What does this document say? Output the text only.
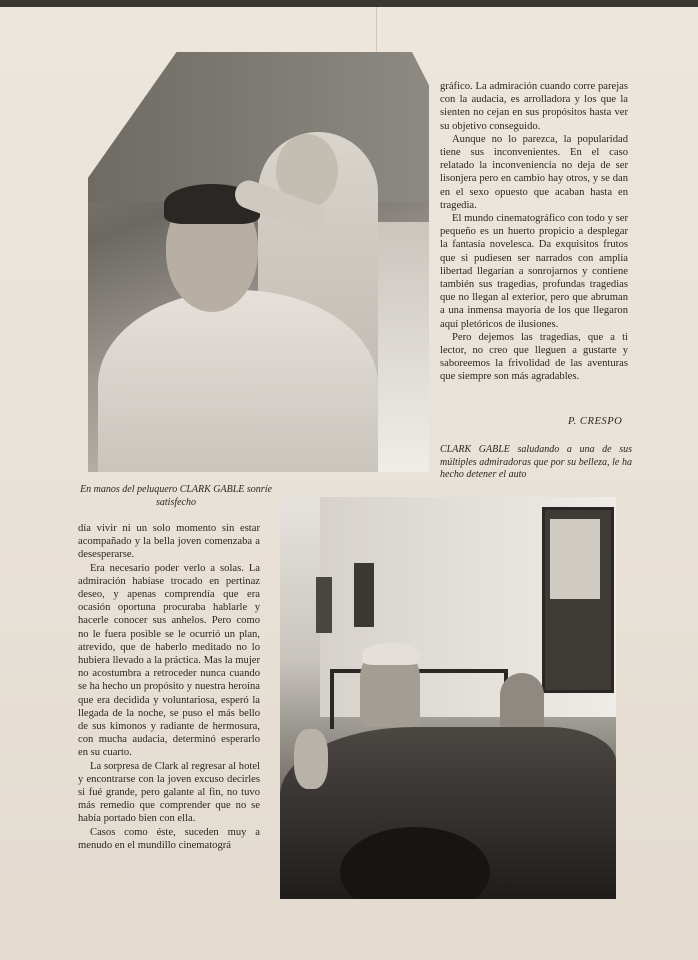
gráfico. La admiración cuando corre parejas con la audacia, es arrolladora y los que la sienten no cejan en sus propósitos hasta ver su objetivo conseguido.

Aunque no lo parezca, la popularidad tiene sus inconvenientes. En el caso relatado la inconveniencia no deja de ser lisonjera pero en cambio hay otros, y se dan en el sexo opuesto que acaban hasta en tragedia.

El mundo cinematográfico con todo y ser pequeño es un huerto propicio a desplegar la fantasía novelesca. Da exquisitos frutos que si pudiesen ser narrados con amplia libertad llegarían a sonrojarnos y contiene también sus tragedias, profundas tragedias que no llegan al exterior, pero que abruman a una inmensa mayoría de los que llegaron aquí pletóricos de ilusiones.

Pero dejemos las tragedias, que a ti lector, no creo que lleguen a gustarte y saboreemos la frivolidad de las aventuras que siempre son más agradables.

P. CRESPO
CLARK GABLE saludando a una de sus múltiples admiradoras que por su belleza, le ha hecho detener el auto
En manos del peluquero CLARK GABLE sonríe satisfecho

día vivir ni un solo momento sin estar acompañado y la bella joven comenzaba a desesperarse.

Era necesario poder verlo a solas. La admiración habíase trocado en pertinaz deseo, y apenas comprendía que era ocasión oportuna procuraba hablarle y hacerle conocer sus anhelos. Pero como no le fuera posible se le ocurrió un plan, atrevido, que de haberlo meditado no lo hubiera llevado a la práctica. Mas la mujer no acostumbra a retroceder nunca cuando se ha hecho un propósito y nuestra heroína que era decidida y voluntariosa, esperó la llegada de la noche, se puso el más bello de sus kimonos y radiante de hermosura, con mucha audacia, determinó esperarlo en su cuarto.

La sorpresa de Clark al regresar al hotel y encontrarse con la joven excuso decirles si fué grande, pero galante al fin, no tuvo más remedio que comprender que no se había portado bien con ella.

Casos como éste, suceden muy a menudo en el mundillo cinematográ
